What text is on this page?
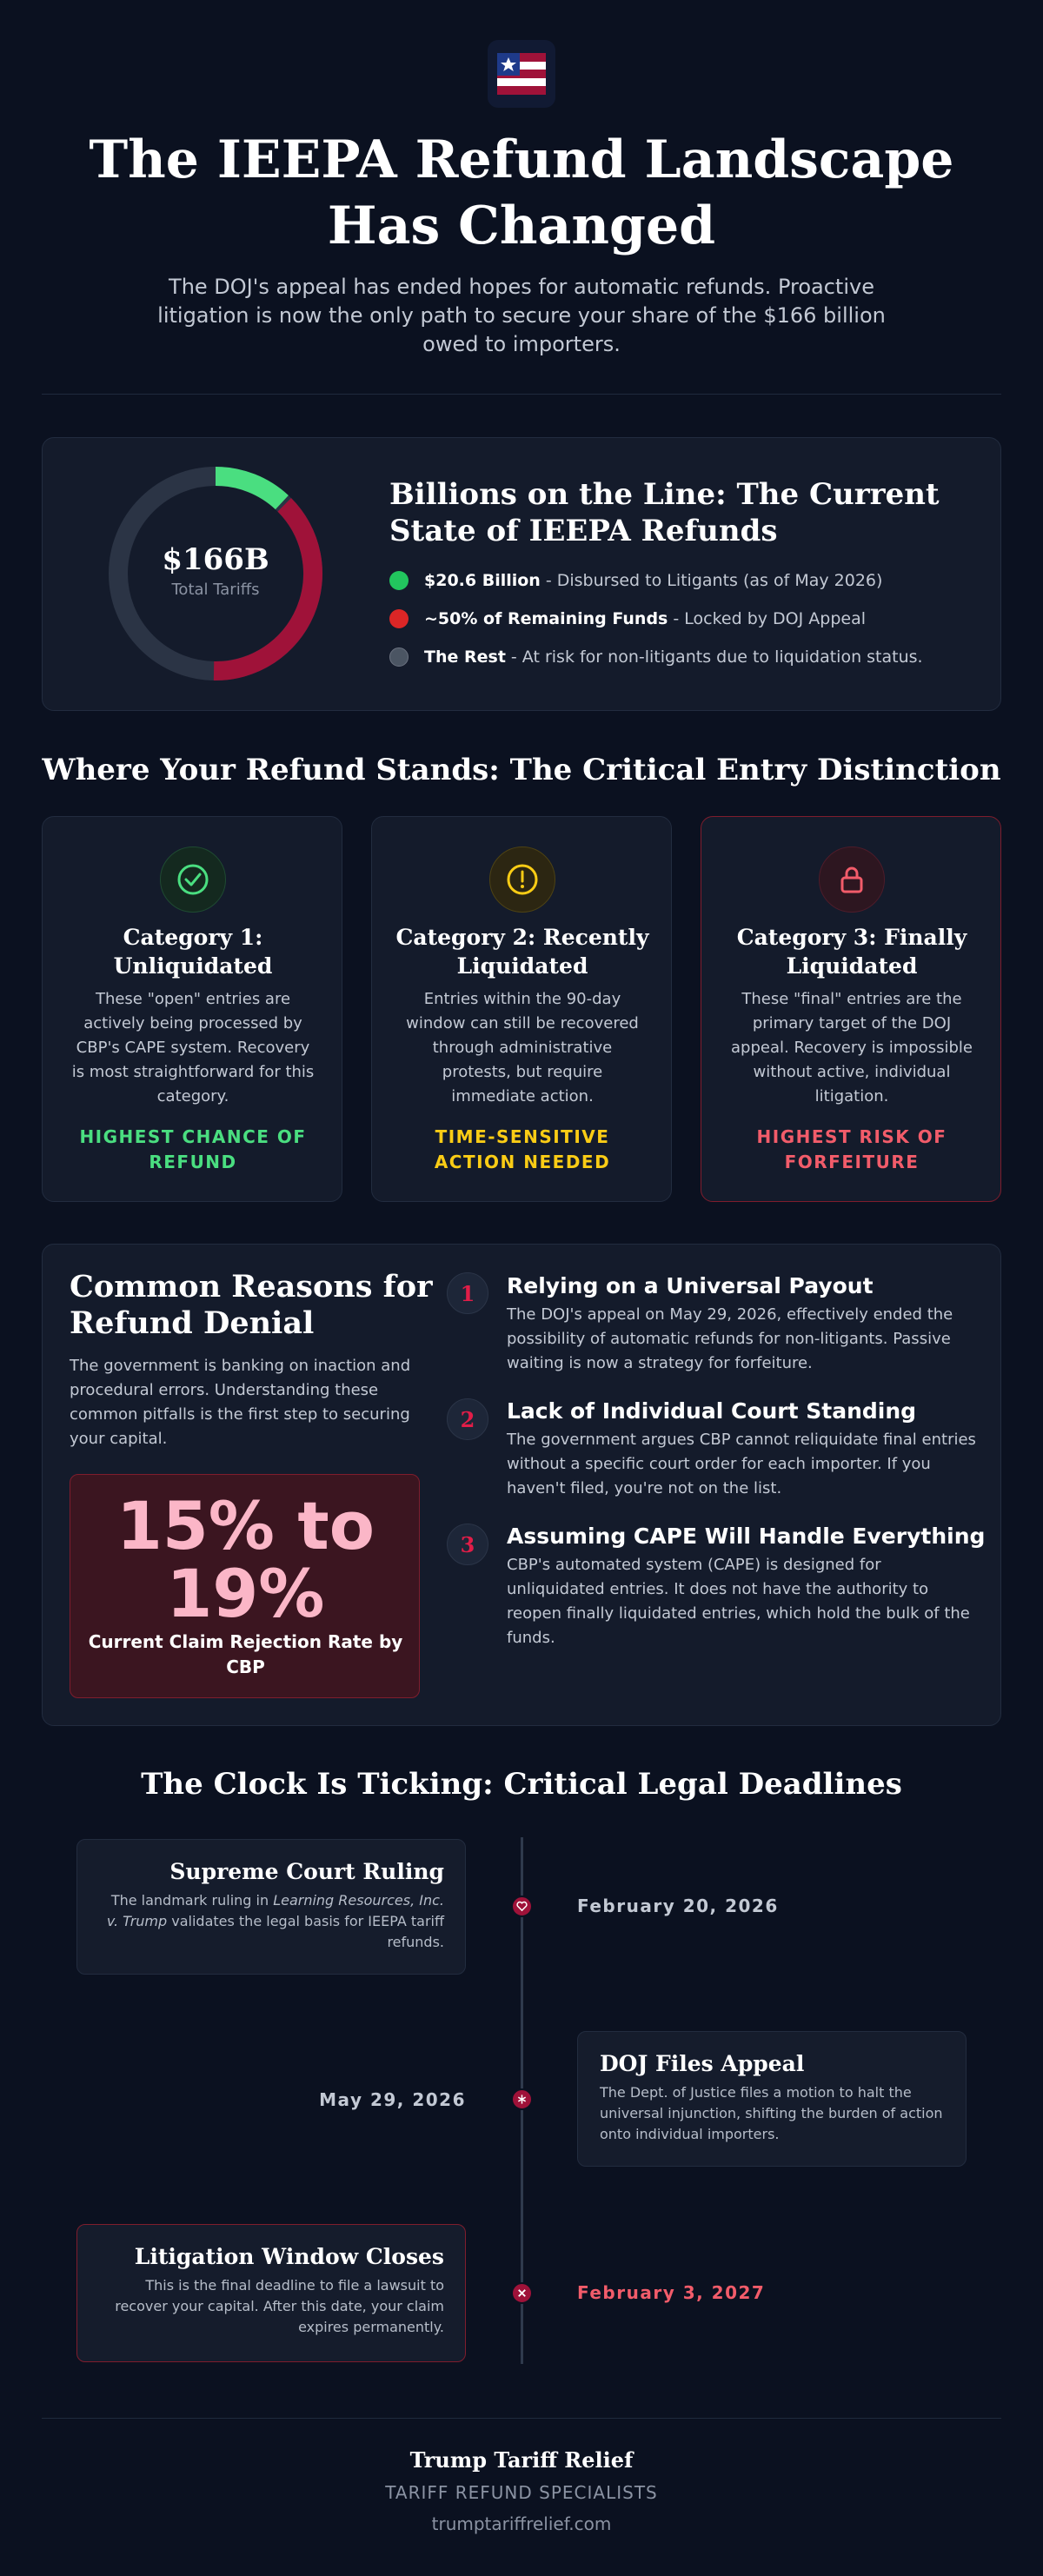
The IEEPA Refund Landscape Has Changed

The DOJ's appeal has ended hopes for automatic refunds. Proactive litigation is now the only path to secure your share of the $166 billion owed to importers.

$166B
Total Tariffs
Billions on the Line: The Current State of IEEPA Refunds
$20.6 Billion - Disbursed to Litigants (as of May 2026)
~50% of Remaining Funds - Locked by DOJ Appeal
The Rest - At risk for non-litigants due to liquidation status.
Where Your Refund Stands: The Critical Entry Distinction
Category 1: Unliquidated
These "open" entries are actively being processed by CBP's CAPE system. Recovery is most straightforward for this category.
HIGHEST CHANCE OF REFUND
Category 2: Recently Liquidated
Entries within the 90-day window can still be recovered through administrative protests, but require immediate action.
TIME-SENSITIVE ACTION NEEDED
Category 3: Finally Liquidated
These "final" entries are the primary target of the DOJ appeal. Recovery is impossible without active, individual litigation.
HIGHEST RISK OF FORFEITURE
Common Reasons for Refund Denial

The government is banking on inaction and procedural errors. Understanding these common pitfalls is the first step to securing your capital.

15% to 19%
Current Claim Rejection Rate by CBP
1	Relying on a Universal Payout
The DOJ's appeal on May 29, 2026, effectively ended the possibility of automatic refunds for non-litigants. Passive waiting is now a strategy for forfeiture.
2	Lack of Individual Court Standing
The government argues CBP cannot reliquidate final entries without a specific court order for each importer. If you haven't filed, you're not on the list.
3	Assuming CAPE Will Handle Everything
CBP's automated system (CAPE) is designed for unliquidated entries. It does not have the authority to reopen finally liquidated entries, which hold the bulk of the funds.
The Clock Is Ticking: Critical Legal Deadlines
Supreme Court Ruling
The landmark ruling in Learning Resources, Inc. v. Trump validates the legal basis for IEEPA tariff refunds.
February 20, 2026
DOJ Files Appeal
The Dept. of Justice files a motion to halt the universal injunction, shifting the burden of action onto individual importers.
May 29, 2026
Litigation Window Closes
This is the final deadline to file a lawsuit to recover your capital. After this date, your claim expires permanently.
February 3, 2027
Trump Tariff Relief
TARIFF REFUND SPECIALISTS
trumptariffrelief.com
